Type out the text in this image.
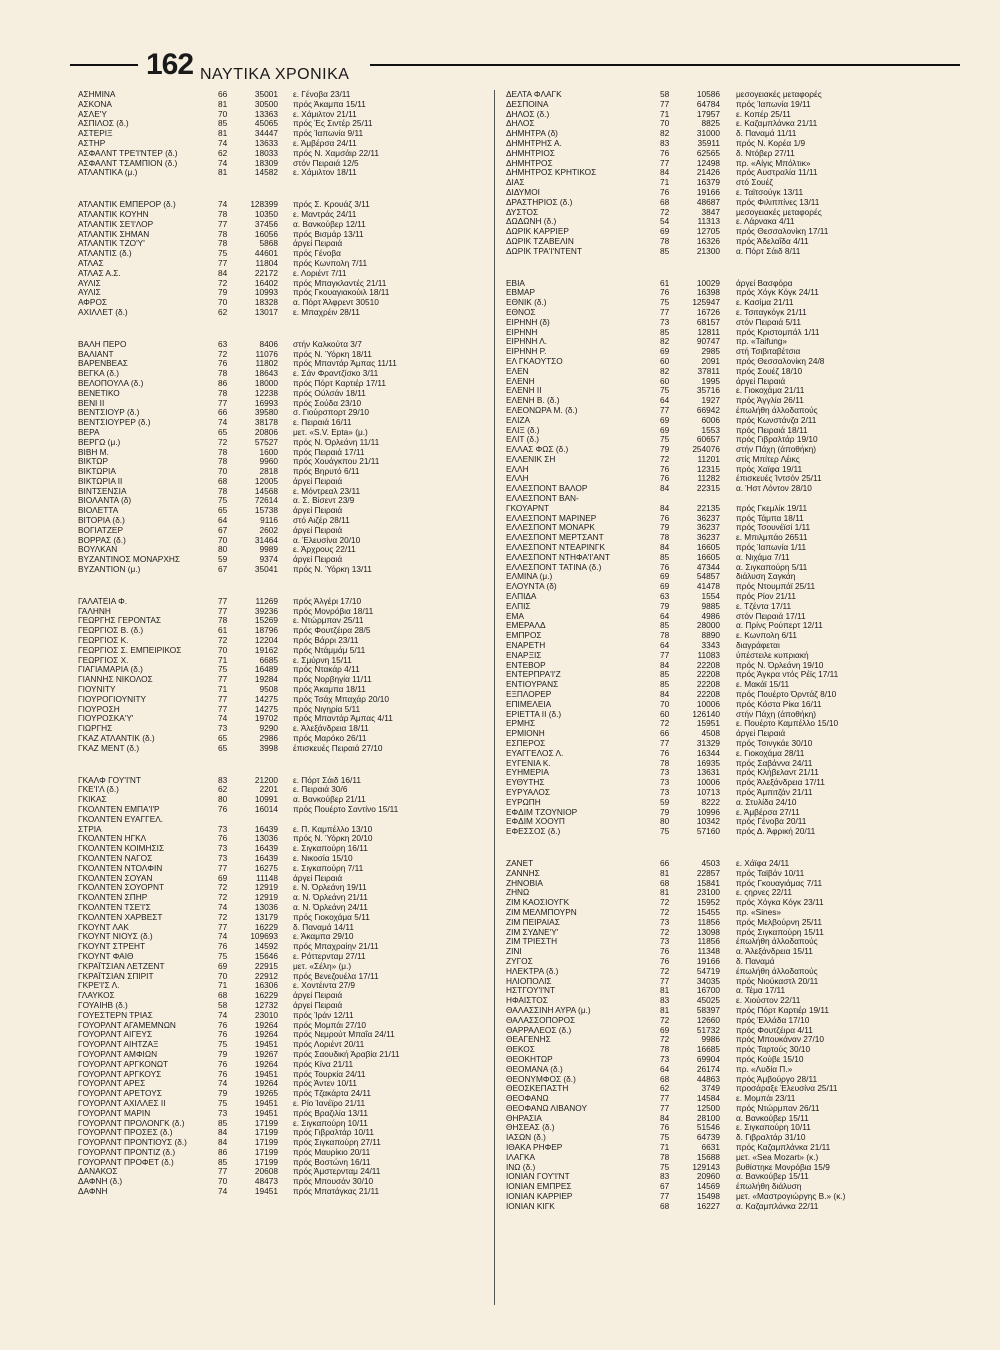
162 ΝΑΥΤΙΚΑ ΧΡΟΝΙΚΑ
ΑΣΗΜΙΝΑ	66	35001 ε. Γένοβα 23/11
ΑΣΚΟΝΑ	81	30500 πρός Άκαμπα 15/11
ΑΣΛΕ'Υ	70	13363 ε. Χάμιλτον 21/11
ΑΣΠΙΛΟΣ (δ.)	85	45065 πρός Ές Σιντέρ 25/11
ΑΣΤΕΡΙΞ	81	34447 πρός Ίαπωνία 9/11
ΑΣΤΗΡ	74	13633 ε. Άμβέρσα 24/11
ΑΣΦΑΛΝΤ ΤΡΕ'Ι'ΝΤΕΡ (δ.)	62	18033 πρός Ν. Χαμσάιρ 22/11
ΑΣΦΑΛΝΤ ΤΣΑΜΠΙΟΝ (δ.)	74	18309 στόν Πειραιά 12/5
ΑΤΛΑΝΤΙΚΑ (μ.)	81	14582 ε. Χάμιλτον 18/11
ΑΤΛΑΝΤΙΚ ΕΜΠΕΡΟΡ (δ.)	74	128399 πρός Σ. Κρουάζ 3/11
ΑΤΛΑΝΤΙΚ ΚΟΥΗΝ	78	10350 ε. Μαντράς 24/11
ΑΤΛΑΝΤΙΚ ΣΕ'Ι'ΛΟΡ	77	37456 α. Βανκούβερ 12/11
ΑΤΛΑΝΤΙΚ ΣΗΜΑΝ	78	16056 πρός Βισμάρ 13/11
ΑΤΛΑΝΤΙΚ ΤΖΟ'Υ'	78	5868 άργεί Πειραιά
ΑΤΛΑΝΤΙΣ (δ.)	75	44601 πρός Γένοβα
ΑΤΛΑΣ	77	11804 πρός Κωνπολη 7/11
ΑΤΛΑΣ Α.Σ.	84	22172 ε. Λοριέντ 7/11
ΑΥΛΙΣ	72	16402 πρός Μπαγκλαντές 21/11
ΑΥΛΙΣ	79	10993 πρός Γκουαγιακούιλ 18/11
ΑΦΡΟΣ	70	18328 α. Πόρτ Άλφρεντ 30510
ΑΧΙΛΛΕΤ (δ.)	62	13017 ε. Μπαχρέιν 28/11
ΒΑΛΗ ΠΕΡΟ	63	8406 στήν Καλκούτα 3/7
ΒΑΛΙΑΝΤ	72	11076 πρός Ν. Ύόρκη 18/11
ΒΑΡΕΝΒΕΑΣ	76	11802 πρός Μπαντάρ Άμπας 11/11
ΒΕΓΚΑ (δ.)	78	18643 ε. Σάν Φραντζίσκο 3/11
ΒΕΛΟΠΟΥΛΑ (δ.)	86	18000 πρός Πόρτ Καρτιέρ 17/11
ΒΕΝΕΤΙΚΟ	78	12238 πρός Ούλσάν 18/11
ΒΕΝΙ ΙΙ	77	16993 πρός Σούδα 23/10
ΒΕΝΤΣΙΟΥΡ (δ.)	66	39580 σ. Γιούρσπορτ 29/10
ΒΕΝΤΣΙΟΥΡΕΡ (δ.)	74	38178 ε. Πειραιά 16/11
ΒΕΡΑ	65	20806 μετ. «S.V. Epta» (μ.)
ΒΕΡΓΩ (μ.)	72	57527 πρός Ν. Όρλεάνη 11/11
ΒΙΒΗ Μ.	78	1600 πρός Πειραιά 17/11
ΒΙΚΤΩΡ	78	9960 πρός Χουάγκπου 21/11
ΒΙΚΤΩΡΙΑ	70	2818 πρός Βηρυτό 6/11
ΒΙΚΤΩΡΙΑ ΙΙ	68	12005 άργεί Πειραιά
ΒΙΝΤΣΕΝΣΙΑ	78	14568 ε. Μόντρεαλ 23/11
ΒΙΟΛΑΝΤΑ (δ)	75	72614 α. Σ. Βίσεντ 23/9
ΒΙΟΛΕΤΤΑ	65	15738 άργεί Πειραιά
ΒΙΤΟΡΙΑ (δ.)	64	9116 στό Αιζέρ 28/11
ΒΟΓΙΑΤΖΕΡ	67	2602 άργεί Πειραιά
ΒΟΡΡΑΣ (δ.)	70	31464 α. Έλευσίνα 20/10
ΒΟΥΛΚΑΝ	80	9989 ε. Άρχρους 22/11
ΒΥΖΑΝΤΙΝΟΣ ΜΟΝΑΡΧΗΣ	59	9374 άργεί Πειραιά
ΒΥΖΑΝΤΙΟΝ (μ.)	67	35041 πρός Ν. Ύόρκη 13/11
ΓΑΛΑΤΕΙΑ Φ.	77	11269 πρός Άλγέρι 17/10
ΓΑΛΗΝΗ	77	39236 πρός Μονρόβια 18/11
ΓΕΩΡΓΗΣ ΓΕΡΟΝΤΑΣ	78	15269 ε. Ντώρμπαν 25/11
ΓΕΩΡΓΙΟΣ Β. (δ.)	61	18796 πρός Φουτζέιρα 28/5
ΓΕΩΡΓΙΟΣ Κ.	72	12204 πρός Βάρρι 23/11
ΓΕΩΡΓΙΟΣ Σ. ΕΜΠΕΙΡΙΚΟΣ	70	19162 πρός Ντάμμάμ 5/11
ΓΕΩΡΓΙΟΣ Χ.	71	6685 ε. Σμύρνη 15/11
ΓΙΑΓΙΑΜΑΡΙΑ (δ.)	75	16489 πρός Ντακάρ 4/11
ΓΙΑΝΝΗΣ ΝΙΚΟΛΟΣ	77	19284 πρός Νορβηγία 11/11
ΓΙΟΥΝΙΤΥ	71	9508 πρός Άκαμπα 18/11
ΓΙΟΥΡΟΓΙΟΥΝΙΤΥ	77	14275 πρός Τσάχ Μπαχάρ 20/10
ΓΙΟΥΡΟΣΗ	77	14275 πρός Νιγηρία 5/11
ΓΙΟΥΡΟΣΚΑ'Υ'	74	19702 πρός Μπαντάρ Άμπας 4/11
ΓΙΩΡΓΗΣ	73	9290 ε. Άλεξάνδρεια 18/11
ΓΚΑΖ ΑΤΛΑΝΤΙΚ (δ.)	65	2986 πρός Μαρόκο 26/11
ΓΚΑΖ ΜΕΝΤ (δ.)	65	3998 έπισκευές Πειραιά 27/10
ΓΚΑΛΦ ΓΟΥ'Ι'ΝΤ	83	21200 ε. Πόρτ Σάιδ 16/11
ΓΚΕ'Ι'Λ (δ.)	62	2201 ε. Πειραιά 30/6
ΓΚΙΚΑΣ	80	10991 α. Βανκούβερ 21/11
ΓΚΟΛΝΤΕΝ ΕΜΠΑ'Ι'Ρ	76	16014 πρός Πουέρτο Σαντίνο 15/11
ΓΚΟΛΝΤΕΝ ΕΥΑΓΓΕΛ.
ΣΤΡΙΑ	73	16439 ε. Π. Καμπέλλο 13/10
ΓΚΟΛΝΤΕΝ ΗΓΚΛ	76	13036 πρός Ν. Ύόρκη 20/10
ΓΚΟΛΝΤΕΝ ΚΟΙΜΗΣΙΣ	73	16439 ε. Σιγκαπούρη 16/11
ΓΚΟΛΝΤΕΝ ΝΑΓΟΣ	73	16439 ε. Νικοσία 15/10
ΓΚΟΛΝΤΕΝ ΝΤΟΛΦΙΝ	77	16275 ε. Σιγκαπούρη 7/11
ΓΚΟΛΝΤΕΝ ΣΟΥΑΝ	69	11148 άργεί Πειραιά
ΓΚΟΛΝΤΕΝ ΣΟΥΟΡΝΤ	72	12919 ε. Ν. Όρλεάνη 19/11
ΓΚΟΛΝΤΕΝ ΣΠΗΡ	72	12919 α. Ν. Όρλεάνη 21/11
ΓΚΟΛΝΤΕΝ ΤΣΕ'Ι'Σ	74	13036 α. Ν. Όρλεάνη 24/11
ΓΚΟΛΝΤΕΝ ΧΑΡΒΕΣΤ	72	13179 πρός Γιοκοχάμα 5/11
ΓΚΟΥΝΤ ΛΑΚ	77	16229 δ. Παναμά 14/11
ΓΚΟΥΝΤ ΝΙΟΥΣ (δ.)	74	109693 ε. Άκαμπα 29/10
ΓΚΟΥΝΤ ΣΤΡΕΗΤ	76	14592 πρός Μπαχραίην 21/11
ΓΚΟΥΝΤ ΦΑΙΘ	75	15646 ε. Ρόττερνταμ 27/11
ΓΚΡΑΪΤΣΙΑΝ ΛΕΤΖΕΝΤ	69	22915 μετ. «Σέλη» (μ.)
ΓΚΡΑΪΤΣΙΑΝ ΣΠΙΡΙΤ	70	22912 πρός Βενεζουέλα 17/11
ΓΚΡΕ'Ι'Σ Λ.	71	16306 ε. Χοντέιντα 27/9
ΓΛΑΥΚΟΣ	68	16229 άργεί Πειραιά
ΓΟΥΑΙΗΒ (δ.)	58	12732 άργεί Πειραιά
ΓΟΥΕΣΤΕΡΝ ΤΡΙΑΣ	74	23010 πρός Ίράν 12/11
ΓΟΥΟΡΛΝΤ ΑΓΑΜΕΜΝΩΝ	76	19264 πρός Μομπάι 27/10
ΓΟΥΟΡΛΝΤ ΑΙΓΕΥΣ	76	19264 πρός Νεμρούτ Μπαΐα 24/11
ΓΟΥΟΡΛΝΤ ΑΙΗΤΖΑΞ	75	19451 πρός Λοριέντ 20/11
ΓΟΥΟΡΛΝΤ ΑΜΦΙΩΝ	79	19267 πρός Σαουδική Άραβία 21/11
ΓΟΥΟΡΛΝΤ ΑΡΓΚΟΝΩΤ	76	19264 πρός Κίνα 21/11
ΓΟΥΟΡΛΝΤ ΑΡΓΚΟΥΣ	76	19451 πρός Τουρκία 24/11
ΓΟΥΟΡΛΝΤ ΑΡΕΣ	74	19264 πρός Άντεν 10/11
ΓΟΥΟΡΛΝΤ ΑΡΕΤΟΥΣ	79	19265 πρός Τζακάρτα 24/11
ΓΟΥΟΡΛΝΤ ΑΧΙΛΛΕΣ ΙΙ	75	19451 ε. Ρίο Ίανέϊρο 21/11
ΓΟΥΟΡΛΝΤ ΜΑΡΙΝ	73	19451 πρός Βραζιλία 13/11
ΓΟΥΟΡΛΝΤ ΠΡΟΛΟΝΓΚ (δ.)	85	17199 ε. Σιγκαπούρη 10/11
ΓΟΥΟΡΛΝΤ ΠΡΟΣΕΣ (δ.)	84	17199 πρός Γιβραλτάρ 10/11
ΓΟΥΟΡΛΝΤ ΠΡΟΝΤΙΟΥΣ (δ.)	84	17199 πρός Σιγκαπούρη 27/11
ΓΟΥΟΡΛΝΤ ΠΡΟΝΤΙΖ (δ.)	86	17199 πρός Μαυρίκιο 20/11
ΓΟΥΟΡΛΝΤ ΠΡΟΦΕΤ (δ.)	85	17199 πρός Βοστώνη 16/11
ΔΑΝΑΚΟΣ	77	20608 πρός Άμστερνταμ 24/11
ΔΑΦΝΗ (δ.)	70	48473 πρός Μπουσάν 30/10
ΔΑΦΝΗ	74	19451 πρός Μπατάγκας 21/11
ΔΕΛΤΑ ΦΛΑΓΚ	58	10586 μεσογειακές μεταφορές
ΔΕΣΠΟΙΝΑ	77	64784 πρός Ίαπωνία 19/11
ΔΗΛΟΣ (δ.)	71	17957 ε. Κοπέρ 25/11
ΔΗΛΟΣ	70	8825 ε. Καζαμπλάνκα 21/11
ΔΗΜΗΤΡΑ (δ)	82	31000 δ. Παναμά 11/11
ΔΗΜΗΤΡΗΣ Α.	83	35911 πρός Ν. Κορέα 1/9
ΔΗΜΗΤΡΙΟΣ	76	62565 δ. Ντόβερ 27/11
ΔΗΜΗΤΡΟΣ	77	12498 πρ. «Αίγις Μπόλτικ»
ΔΗΜΗΤΡΟΣ ΚΡΗΤΙΚΟΣ	84	21426 πρός Αυστραλία 11/11
ΔΙΑΣ	71	16379 στό Σουέζ
ΔΙΔΥΜΟΙ	76	19166 ε. Ταϊτσούγκ 13/11
ΔΡΑΣΤΗΡΙΟΣ (δ.)	68	48687 πρός Φιλιππίνες 13/11
ΔΥΣΤΟΣ	72	3847 μεσογειακές μεταφορές
ΔΩΔΩΝΗ (δ.)	54	11313 ε. Λάρνακα 4/11
ΔΩΡΙΚ ΚΑΡΡΙΕΡ	69	12705 πρός Θεσσαλονίκη 17/11
ΔΩΡΙΚ ΤΖΑΒΕΛΙΝ	78	16326 πρός Άδελαΐδα 4/11
ΔΩΡΙΚ ΤΡΑ'Ι'ΝΤΕΝΤ	85	21300 α. Πόρτ Σάιδ 8/11
ΕΒΙΑ	61	10029 άργεί Βασφόρα
ΕΒΜΑΡ	76	16398 πρός Χόγκ Κόγκ 24/11
ΕΘΝΙΚ (δ.)	75	125947 ε. Κασίμα 21/11
ΕΘΝΟΣ	77	16726 ε. Τσιταγκόγκ 21/11
ΕΙΡΗΝΗ (δ)	73	68157 στόν Πειραιά 5/11
ΕΙΡΗΝΗ	85	12811 πρός Κριστομπάλ 1/11
ΕΙΡΗΝΗ Λ.	82	90747 πρ. «Taifung»
ΕΙΡΗΝΗ Ρ.	69	2985 στή Τσιβιταβέτσια
ΕΛ ΓΚΑΟΥΤΣΟ	60	2091 πρός Θεσσαλονίκη 24/8
ΕΛΕΝ	82	37811 πρός Σουέζ 18/10
ΕΛΕΝΗ	60	1995 άργεί Πειραιά
ΕΛΕΝΗ ΙΙ	75	35716 ε. Γιοκοχάμα 21/11
ΕΛΕΝΗ Β. (δ.)	64	1927 πρός Άγγλία 26/11
ΕΛΕΟΝΩΡΑ Μ. (δ.)	77	66942 έπωλήθη άλλοδαπούς
ΕΛΙΖΑ	69	6006 πρός Κωνστάνζα 2/11
ΕΛΙΞ (δ.)	69	1553 πρός Πειραιά 18/11
ΕΛΙΤ (δ.)	75	60657 πρός Γιβραλτάρ 19/10
ΕΛΛΑΣ ΦΩΣ (δ.)	79	254076 στήν Πάχη (άποθήκη)
ΕΛΛΕΝΙΚ ΣΗ	72	11201 στίς Μπίτερ Λέικς
ΕΛΛΗ	76	12315 πρός Χαϊφα 19/11
ΕΛΛΗ	76	11282 έπισκευές Ίντσόν 25/11
ΕΛΛΕΣΠΟΝΤ ΒΑΛΟΡ	84	22315 α. Ήστ Λόντον 28/10
ΕΛΛΕΣΠΟΝΤ ΒΑΝ-
ΓΚΟΥΑΡΝΤ	84	22135 πρός Γκεμλίκ 19/11
ΕΛΛΕΣΠΟΝΤ ΜΑΡΙΝΕΡ	76	36237 πρός Τάμπα 18/11
ΕΛΛΕΣΠΟΝΤ ΜΟΝΑΡΚ	79	36237 πρός Τσουνέϊσί 1/11
ΕΛΛΕΣΠΟΝΤ ΜΕΡΤΣΑΝΤ	78	36237 ε. Μπιλμπάο 26511
ΕΛΛΕΣΠΟΝΤ ΝΤΕΑΡΙΝΓΚ	84	16605 πρός Ίαπωνία 1/11
ΕΛΛΕΣΠΟΝΤ ΝΤΗΦΑ'Ι'ΑΝΤ	85	16605 α. Νιχάμα 7/11
ΕΛΛΕΣΠΟΝΤ ΤΑΤΙΝΑ (δ.)	76	47344 α. Σιγκαπούρη 5/11
ΕΛΜΙΝΑ (μ.)	69	54857 διάλυση Σαγκάη
ΕΛΟΥΝΤΑ (δ)	69	41478 πρός Ντουμπάϊ 25/11
ΕΛΠΙΔΑ	63	1554 πρός Ρίον 21/11
ΕΛΠΙΣ	79	9885 ε. Τζέντα 17/11
ΕΜΑ	64	4986 στόν Πειραιά 17/11
ΕΜΕΡΑΛΔ	85	28000 α. Πρίνς Ρούπερτ 12/11
ΕΜΠΡΟΣ	78	8890 ε. Κωνπολη 6/11
ΕΝΑΡΕΤΗ	64	3343 διαγράφεται
ΕΝΑΡΞΙΣ	77	11083 ύπέστειλε κυπριακή
ΕΝΤΕΒΟΡ	84	22208 πρός Ν. Όρλεάνη 19/10
ΕΝΤΕΡΠΡΑ'Ι'Ζ	85	22208 πρός Άγκρα ντός Ρέϊς 17/11
ΕΝΤΙΟΥΡΑΝΣ	85	22208 ε. Μακάϊ 15/11
ΕΞΠΛΟΡΕΡ	84	22208 πρός Πουέρτο Όρντάζ 8/10
ΕΠΙΜΕΛΕΙΑ	70	10006 πρός Κόστα Ρίκα 16/11
ΕΡΙΕΤΤΑ ΙΙ (δ.)	60	126140 στήν Πάχη (άποθήκη)
ΕΡΜΗΣ	72	15951 ε. Πουέρτο Καμπέλλο 15/10
ΕΡΜΙΟΝΗ	66	4508 άργεί Πειραιά
ΕΣΠΕΡΟΣ	77	31329 πρός Τσινγκάε 30/10
ΕΥΑΓΓΕΛΟΣ Λ.	76	16344 ε. Γιοκοχάμα 28/11
ΕΥΓΕΝΙΑ Κ.	78	16935 πρός Σαβάννα 24/11
ΕΥΗΜΕΡΙΑ	73	13631 πρός Κλήβελαντ 21/11
ΕΥΘΥΤΗΣ	73	10006 πρός Άλεξάνδρεια 17/11
ΕΥΡΥΑΛΟΣ	73	10713 πρός Άμπιτζάν 21/11
ΕΥΡΩΠΗ	59	8222 α. Στυλίδα 24/10
ΕΦΔΙΜ ΤΖΟΥΝΙΟΡ	79	10996 ε. Άμβέρσα 27/11
ΕΦΔΙΜ ΧΟΟΥΠ	80	10342 πρός Γένοβα 20/11
ΕΦΕΣΣΟΣ (δ.)	75	57160 πρός Δ. Άφρική 20/11
ΖΑΝΕΤ	66	4503 ε. Χάϊφα 24/11
ΖΑΝΝΗΣ	81	22857 πρός Ταϊβάν 10/11
ΖΗΝΟΒΙΑ	68	15841 πρός Γκουαγιάμας 7/11
ΖΗΝΩ	81	23100 ε. ςηρνες 22/11
ΖΙΜ ΚΑΟΣΙΟΥΓΚ	72	15952 πρός Χόγκα Κόγκ 23/11
ΖΙΜ ΜΕΛΜΠΟΥΡΝ	72	15455 πρ. «Sines»
ΖΙΜ ΠΕΙΡΑΙΑΣ	73	11856 πρός Μελβούρνη 25/11
ΖΙΜ ΣΥΔΝΕ'Υ'	72	13098 πρός Σιγκαπούρη 15/11
ΖΙΜ ΤΡΙΕΣΤΗ	73	11856 έπωλήθη άλλοδαπούς
ΖΙΝΙ	76	11348 α. Άλεξάνδρεια 15/11
ΖΥΓΟΣ	76	19166 δ. Παναμά
ΗΛΕΚΤΡΑ (δ.)	72	54719 έπωλήθη άλλοδαπούς
ΗΛΙΟΠΟΛΙΣ	77	34035 πρός Νιούκαστλ 20/11
ΗΣΤΓΟΥ'Ι'ΝΤ	81	16700 α. Τέμα 17/11
ΗΦΑΙΣΤΟΣ	83	45025 ε. Χιούστον 22/11
ΘΑΛΑΣΣΙΝΗ ΑΥΡΑ (μ.)	81	58397 πρός Πόρτ Καρτιέρ 19/11
ΘΑΛΑΣΣΟΠΟΡΟΣ	72	12660 πρός Έλλάδα 17/10
ΘΑΡΡΑΛΕΟΣ (δ.)	69	51732 πρός Φουτζέιρα 4/11
ΘΕΑΓΕΝΗΣ	72	9986 πρός Μπουκάναν 27/10
ΘΕΚΟΣ	78	16685 πρός Ταρτούς 30/10
ΘΕΟΚΗΤΩΡ	73	69904 πρός Κούβε 15/10
ΘΕΟΜΑΝΑ (δ.)	64	26174 πρ. «Λυδία Π.»
ΘΕΟΝΥΜΦΟΣ (δ.)	68	44863 πρός Άμβούργο 28/11
ΘΕΟΣΚΕΠΑΣΤΗ	62	3749 προσάραξε Έλευσίνα 25/11
ΘΕΟΦΑΝΩ	77	14584 ε. Μομπάι 23/11
ΘΕΟΦΑΝΩ ΛΙΒΑΝΟΥ	77	12500 πρός Ντώρμπαν 26/11
ΘΗΡΑΣΙΑ	84	28100 α. Βανκούβερ 15/11
ΘΗΣΕΑΣ (δ.)	76	51546 ε. Σιγκαπούρη 10/11
ΙΑΣΩΝ (δ.)	75	64739 δ. Γιβραλτάρ 31/10
ΙΘΑΚΑ ΡΗΦΕΡ	71	6631 πρός Καζαμπλάνκα 21/11
ΙΛΑΓΚΑ	78	15688 μετ. «Sea Mozart» (κ.)
ΙΝΩ (δ.)	75	129143 βυθίστηκε Μονρόβια 15/9
ΙΟΝΙΑΝ ΓΟΥ'Ι'ΝΤ	83	20960 α. Βανκούβερ 15/11
ΙΟΝΙΑΝ ΕΜΠΡΕΣ	67	14569 έπωλήθη διάλυση
ΙΟΝΙΑΝ ΚΑΡΡΙΕΡ	77	15498 μετ. «Μαστρογιώργης Β.» (κ.)
ΙΟΝΙΑΝ ΚΙΓΚ	68	16227 α. Καζαμπλάνκα 22/11
